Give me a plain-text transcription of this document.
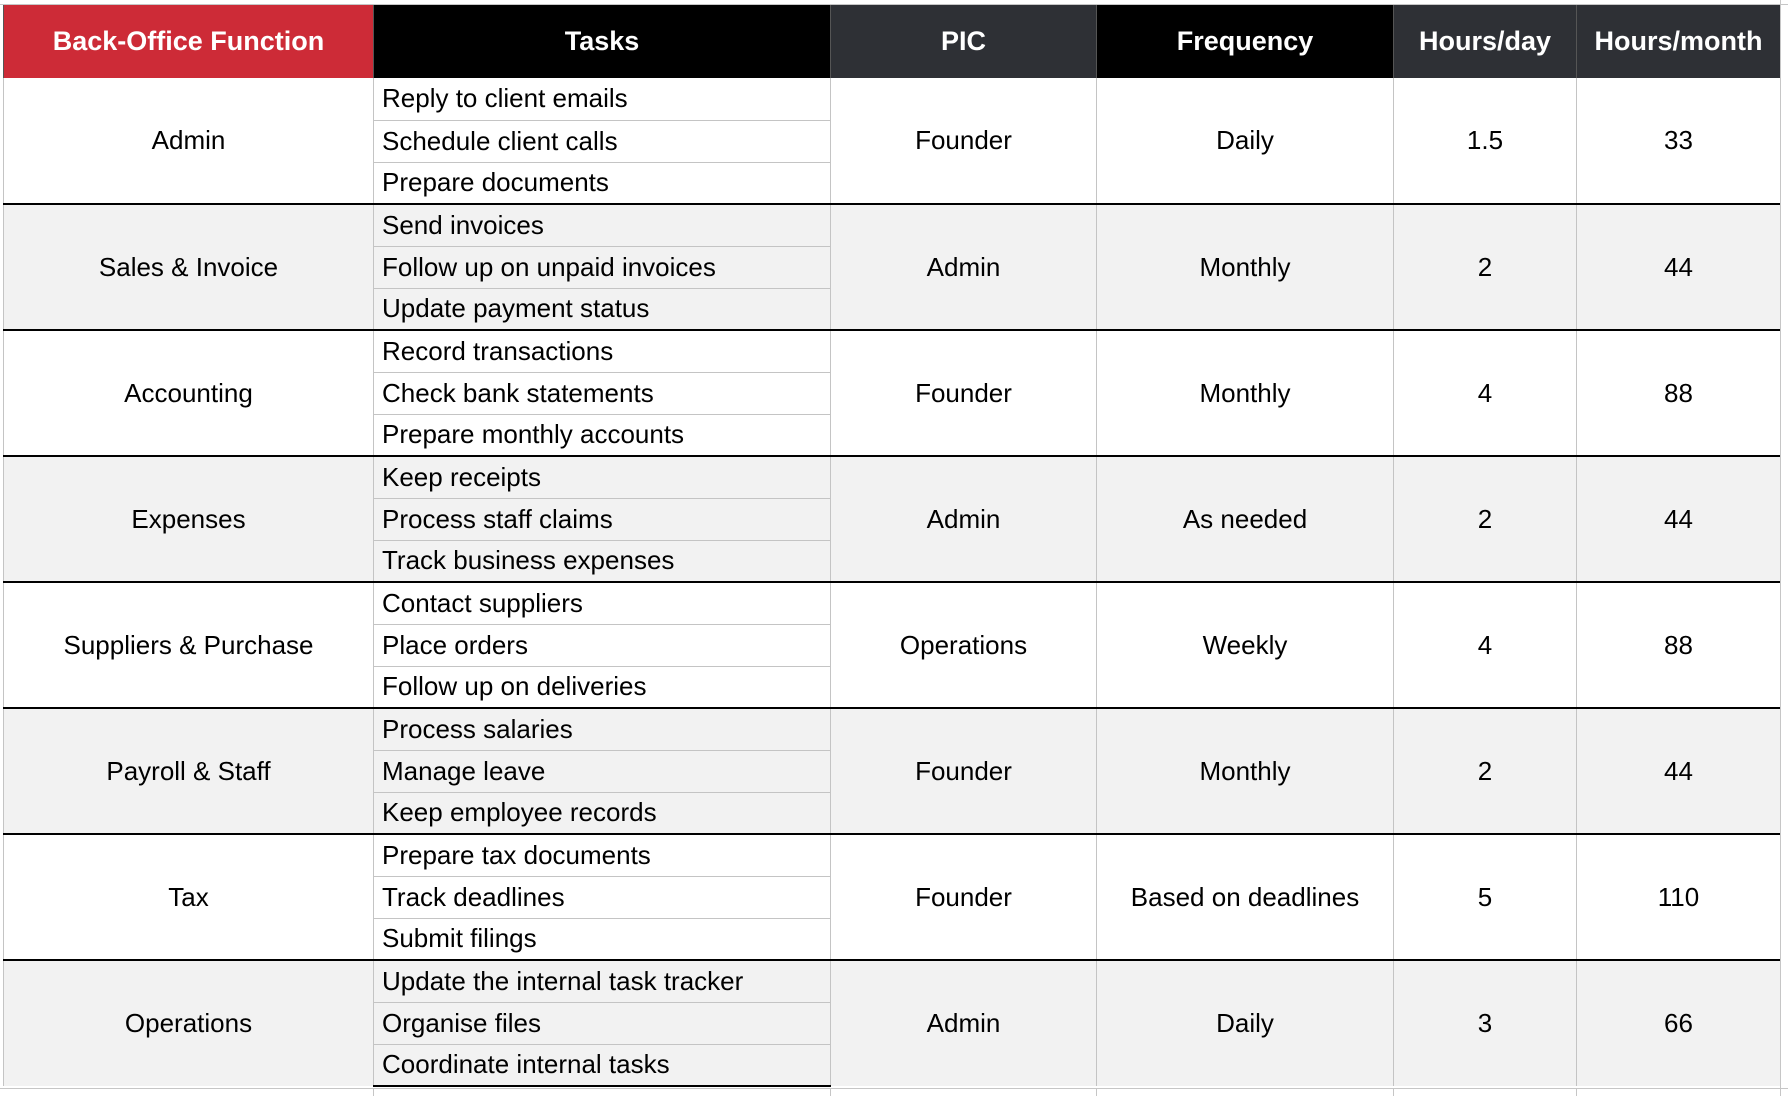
Back-Office Function	Tasks	PIC	Frequency	Hours/day	Hours/month
Admin	Reply to client emails	Founder	Daily	1.5	33
	Schedule client calls				
	Prepare documents				
Sales & Invoice	Send invoices	Admin	Monthly	2	44
	Follow up on unpaid invoices				
	Update payment status				
Accounting	Record transactions	Founder	Monthly	4	88
	Check bank statements				
	Prepare monthly accounts				
Expenses	Keep receipts	Admin	As needed	2	44
	Process staff claims				
	Track business expenses				
Suppliers & Purchase	Contact suppliers	Operations	Weekly	4	88
	Place orders				
	Follow up on deliveries				
Payroll & Staff	Process salaries	Founder	Monthly	2	44
	Manage leave				
	Keep employee records				
Tax	Prepare tax documents	Founder	Based on deadlines	5	110
	Track deadlines				
	Submit filings				
Operations	Update the internal task tracker	Admin	Daily	3	66
	Organise files				
	Coordinate internal tasks				
